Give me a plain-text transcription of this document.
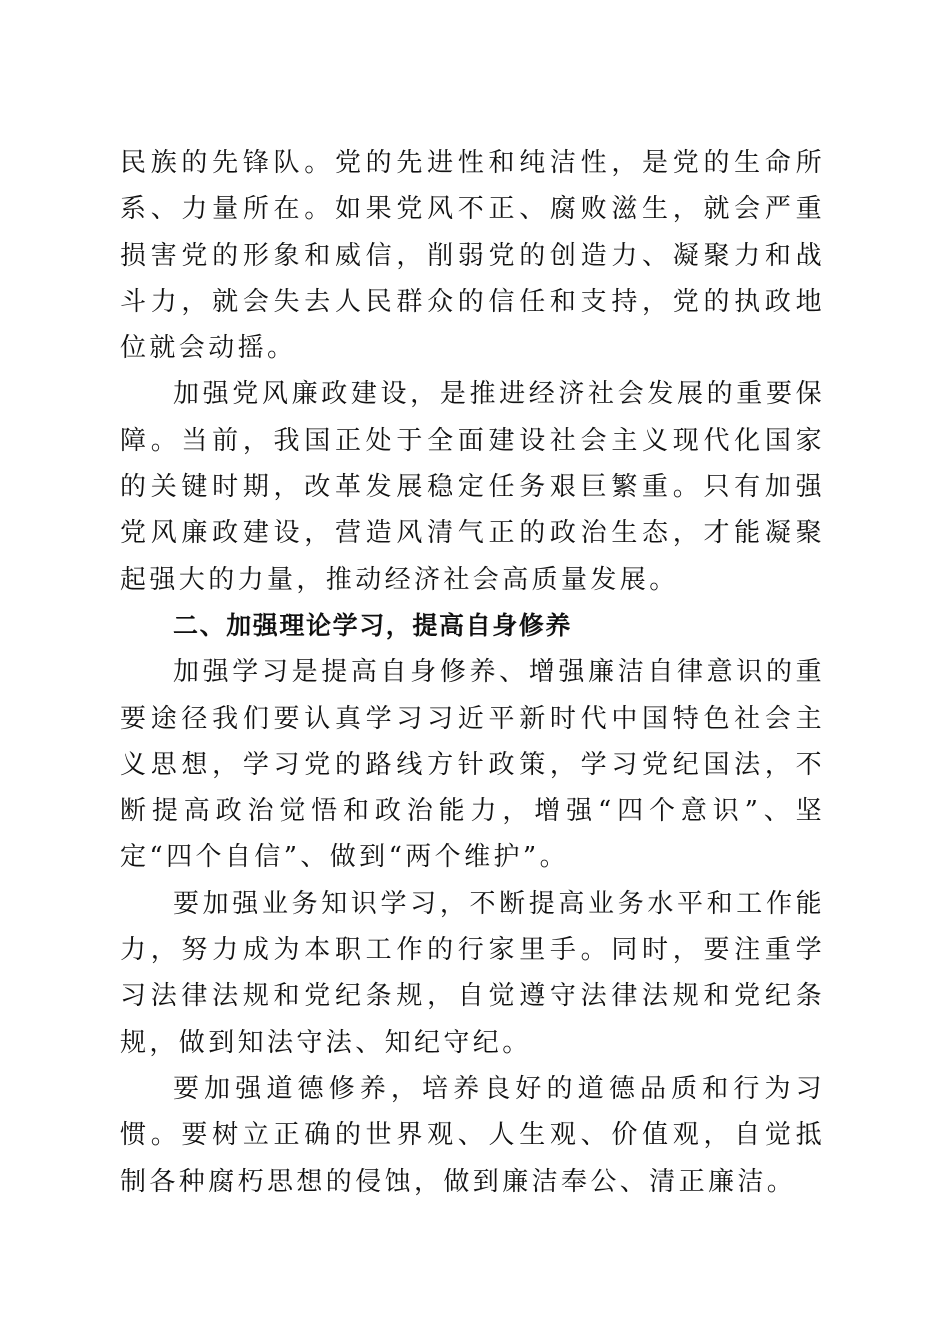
民族的先锋队。党的先进性和纯洁性，是党的生命所系、力量所在。如果党风不正、腐败滋生，就会严重损害党的形象和威信，削弱党的创造力、凝聚力和战斗力，就会失去人民群众的信任和支持，党的执政地位就会动摇。

加强党风廉政建设，是推进经济社会发展的重要保障。当前，我国正处于全面建设社会主义现代化国家的关键时期，改革发展稳定任务艰巨繁重。只有加强党风廉政建设，营造风清气正的政治生态，才能凝聚起强大的力量，推动经济社会高质量发展。

二、加强理论学习，提高自身修养

加强学习是提高自身修养、增强廉洁自律意识的重要途径我们要认真学习习近平新时代中国特色社会主义思想，学习党的路线方针政策，学习党纪国法，不断提高政治觉悟和政治能力，增强“四个意识”、坚定“四个自信”、做到“两个维护”。

要加强业务知识学习，不断提高业务水平和工作能力，努力成为本职工作的行家里手。同时，要注重学习法律法规和党纪条规，自觉遵守法律法规和党纪条规，做到知法守法、知纪守纪。

要加强道德修养，培养良好的道德品质和行为习惯。要树立正确的世界观、人生观、价值观，自觉抵制各种腐朽思想的侵蚀，做到廉洁奉公、清正廉洁。
